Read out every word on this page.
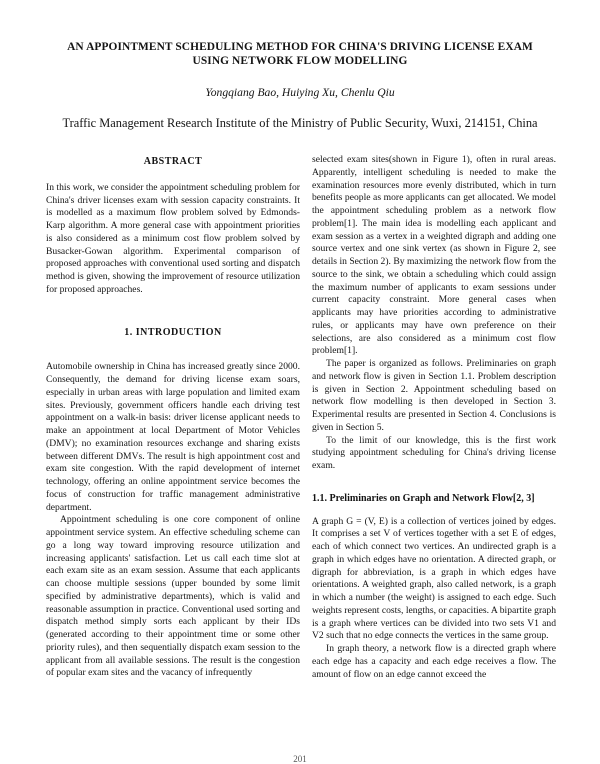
AN APPOINTMENT SCHEDULING METHOD FOR CHINA'S DRIVING LICENSE EXAM
USING NETWORK FLOW MODELLING
Yongqiang Bao, Huiying Xu, Chenlu Qiu
Traffic Management Research Institute of the Ministry of Public Security, Wuxi, 214151, China
ABSTRACT

In this work, we consider the appointment scheduling problem for China's driver licenses exam with session capacity constraints. It is modelled as a maximum flow problem solved by Edmonds-Karp algorithm. A more general case with appointment priorities is also considered as a minimum cost flow problem solved by Busacker-Gowan algorithm. Experimental comparison of proposed approaches with conventional used sorting and dispatch method is given, showing the improvement of resource utilization for proposed approaches.

1. INTRODUCTION

Automobile ownership in China has increased greatly since 2000. Consequently, the demand for driving license exam soars, especially in urban areas with large population and limited exam sites. Previously, government officers handle each driving test appointment on a walk-in basis: driver license applicant needs to make an appointment at local Department of Motor Vehicles (DMV); no examination resources exchange and sharing exists between different DMVs. The result is high appointment cost and exam site congestion. With the rapid development of internet technology, offering an online appointment service becomes the focus of construction for traffic management administrative department.

Appointment scheduling is one core component of online appointment service system. An effective scheduling scheme can go a long way toward improving resource utilization and increasing applicants' satisfaction. Let us call each time slot at each exam site as an exam session. Assume that each applicants can choose multiple sessions (upper bounded by some limit specified by administrative departments), which is valid and reasonable assumption in practice. Conventional used sorting and dispatch method simply sorts each applicant by their IDs (generated according to their appointment time or some other priority rules), and then sequentially dispatch exam session to the applicant from all available sessions. The result is the congestion of popular exam sites and the vacancy of infrequently

selected exam sites(shown in Figure 1), often in rural areas. Apparently, intelligent scheduling is needed to make the examination resources more evenly distributed, which in turn benefits people as more applicants can get allocated. We model the appointment scheduling problem as a network flow problem[1]. The main idea is modelling each applicant and exam session as a vertex in a weighted digraph and adding one source vertex and one sink vertex (as shown in Figure 2, see details in Section 2). By maximizing the network flow from the source to the sink, we obtain a scheduling which could assign the maximum number of applicants to exam sessions under current capacity constraint. More general cases when applicants may have priorities according to administrative rules, or applicants may have own preference on their selections, are also considered as a minimum cost flow problem[1].

The paper is organized as follows. Preliminaries on graph and network flow is given in Section 1.1. Problem description is given in Section 2. Appointment scheduling based on network flow modelling is then developed in Section 3. Experimental results are presented in Section 4. Conclusions is given in Section 5.

To the limit of our knowledge, this is the first work studying appointment scheduling for China's driving license exam.

1.1. Preliminaries on Graph and Network Flow[2, 3]

A graph G = (V, E) is a collection of vertices joined by edges. It comprises a set V of vertices together with a set E of edges, each of which connect two vertices. An undirected graph is a graph in which edges have no orientation. A directed graph, or digraph for abbreviation, is a graph in which edges have orientations. A weighted graph, also called network, is a graph in which a number (the weight) is assigned to each edge. Such weights represent costs, lengths, or capacities. A bipartite graph is a graph where vertices can be divided into two sets V1 and V2 such that no edge connects the vertices in the same group.

In graph theory, a network flow is a directed graph where each edge has a capacity and each edge receives a flow. The amount of flow on an edge cannot exceed the

201
